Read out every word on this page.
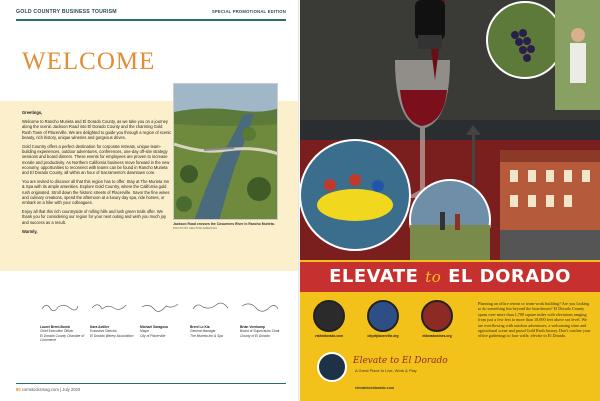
GOLD COUNTRY BUSINESS TOURISM	SPECIAL PROMOTIONAL EDITION
WELCOME

Greetings,

Welcome to Rancho Murieta and El Dorado County, as we take you on a journey along the scenic Jackson Road into El Dorado County and the charming Gold Rush Town of Placerville. We are delighted to guide you through a region of scenic beauty, rich history, unique wineries and gorgeous drives.

Gold Country offers a perfect destination for corporate retreats, unique team-building experiences, outdoor adventures, conferences, one-day off-site strategy sessions and board dinners. These events for employees are proven to increase morale and productivity. As Northern California business move forward in the new economy, opportunities to reconnect with teams can be found in Rancho Murieta and El Dorado County, all within an hour of Sacramento's downtown core.

You are invited to discover all that this region has to offer. Stay at The Murieta Inn & Spa with its ample amenities. Explore Gold Country, where the California gold rush originated. Stroll down the historic streets of Placerville. Savor the fine wines and culinary creations, spend the afternoon at a luxury day spa, ride horses, or embark on a hike with your colleagues.

Enjoy all that this rich countryside of rolling hills and lush green trails offer. We thank you for considering our region for your next outing and wish you much joy and success as a result.

Warmly,

Jackson Road crosses the Cosumnes River in Rancho Murieta.
PHOTO BY HECTOR AMEZCUA
Laurel Brent-Bumb
Chief Executive Officer
El Dorado County Chamber of Commerce
Kara Astiller
Executive Director
El Dorado Winery Association
Michael Saragosa
Mayor
City of Placerville
Brent Lo Kia
General Manager
The Murieta Inn & Spa
Brian Veerkamp
Board of Supervisors Chair
County of El Dorado
80 comstocksmag.com | July 2020
ELEVATE to EL DORADO
visiteldorado.com	cityofplacerville.org	eldoradowines.org
Elevate to El Dorado
A Great Place to Live, Work & Play
elevatetoeldorado.com
Planning an office retreat or team-work building? Are you looking to do something fun beyond the boardroom? El Dorado County spans over more than 1,700 square miles with elevations ranging from just a few feet to more than 10,000 feet above sea level. We are overflowing with outdoor adventures, a welcoming wine and agricultural scene and proud Gold Rush history. Don't confine your office gatherings to four walls: elevate to El Dorado.
